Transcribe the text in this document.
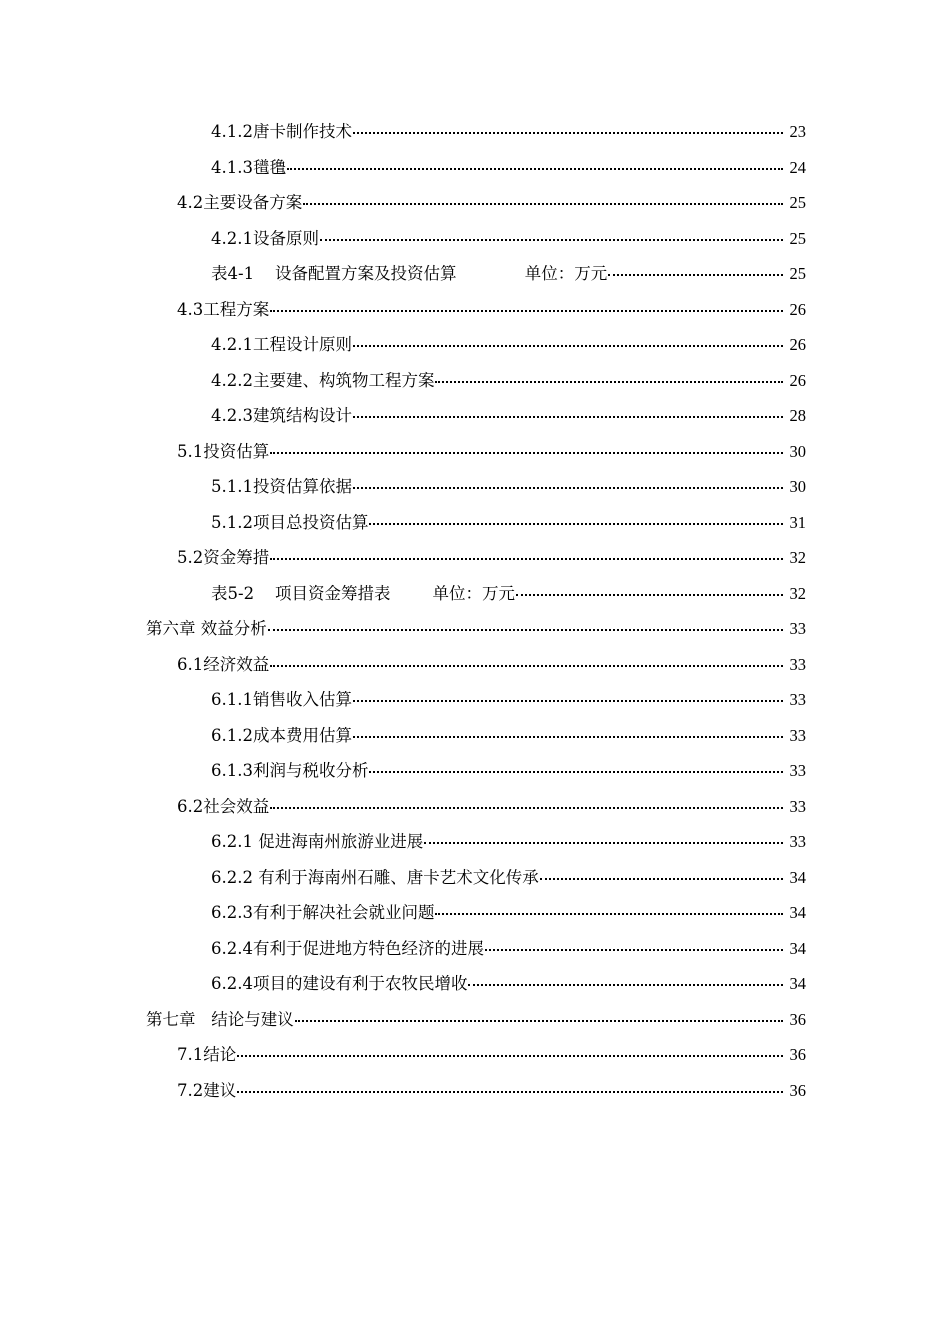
4.1.2唐卡制作技术	23
4.1.3氆氇	24
4.2主要设备方案	25
4.2.1设备原则	25
表4-1    设备配置方案及投资估算             单位：万元	25
4.3工程方案	26
4.2.1工程设计原则	26
4.2.2主要建、构筑物工程方案	26
4.2.3建筑结构设计	28
5.1投资估算	30
5.1.1投资估算依据	30
5.1.2项目总投资估算	31
5.2资金筹措	32
表5-2    项目资金筹措表        单位：万元	32
第六章 效益分析	33
6.1经济效益	33
6.1.1销售收入估算	33
6.1.2成本费用估算	33
6.1.3利润与税收分析	33
6.2社会效益	33
6.2.1 促进海南州旅游业进展	33
6.2.2 有利于海南州石雕、唐卡艺术文化传承	34
6.2.3有利于解决社会就业问题	34
6.2.4有利于促进地方特色经济的进展	34
6.2.4项目的建设有利于农牧民增收	34
第七章   结论与建议	36
7.1结论	36
7.2建议	36
